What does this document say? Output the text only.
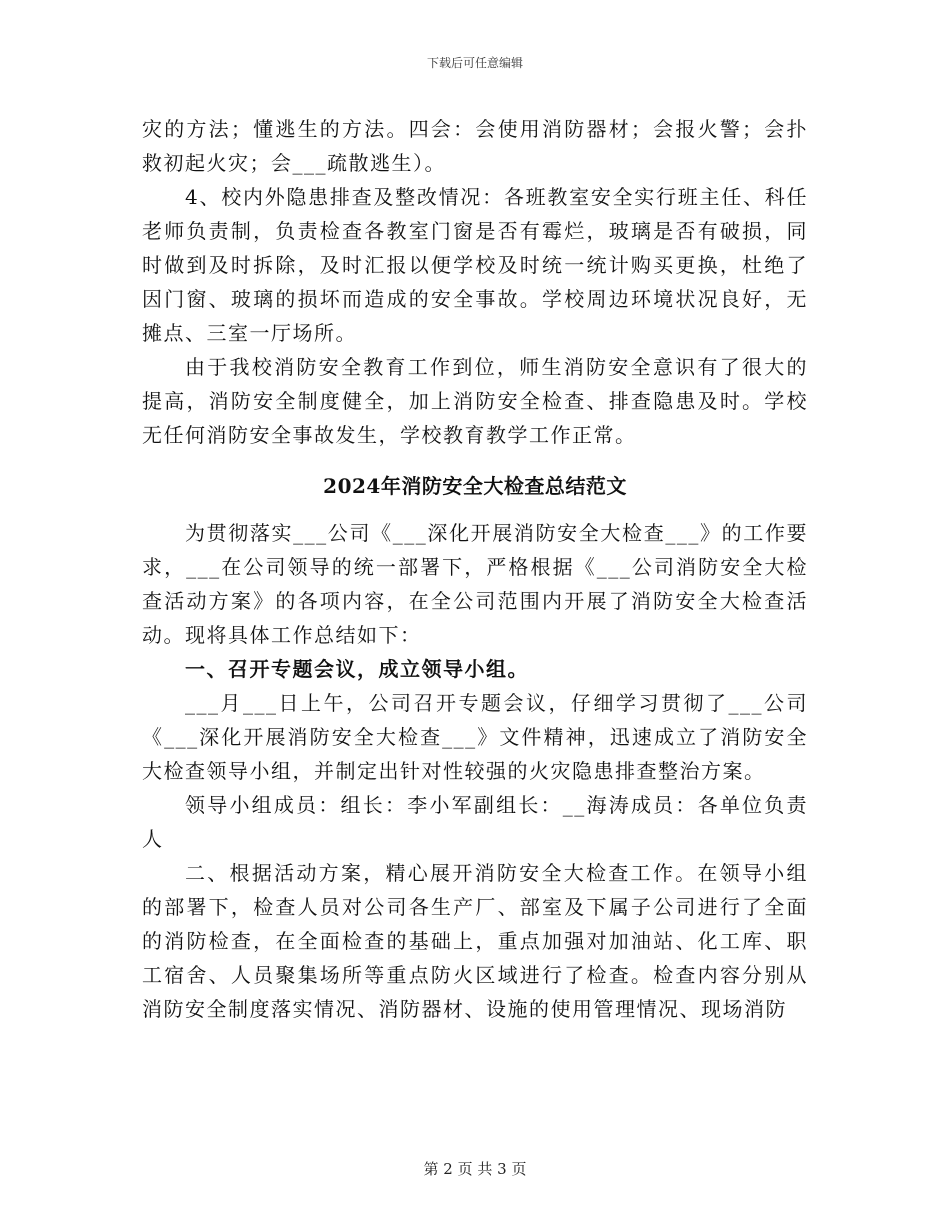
下载后可任意编辑

灾的方法；懂逃生的方法。四会：会使用消防器材；会报火警；会扑救初起火灾；会___疏散逃生）。

4、校内外隐患排查及整改情况：各班教室安全实行班主任、科任老师负责制，负责检查各教室门窗是否有霉烂，玻璃是否有破损，同时做到及时拆除，及时汇报以便学校及时统一统计购买更换，杜绝了因门窗、玻璃的损坏而造成的安全事故。学校周边环境状况良好，无摊点、三室一厅场所。

由于我校消防安全教育工作到位，师生消防安全意识有了很大的提高，消防安全制度健全，加上消防安全检查、排查隐患及时。学校无任何消防安全事故发生，学校教育教学工作正常。

2024年消防安全大检查总结范文

为贯彻落实___公司《___深化开展消防安全大检查___》的工作要求，___在公司领导的统一部署下，严格根据《___公司消防安全大检查活动方案》的各项内容，在全公司范围内开展了消防安全大检查活动。现将具体工作总结如下：

一、召开专题会议，成立领导小组。

___月___日上午，公司召开专题会议，仔细学习贯彻了___公司《___深化开展消防安全大检查___》文件精神，迅速成立了消防安全大检查领导小组，并制定出针对性较强的火灾隐患排查整治方案。

领导小组成员：组长：李小军副组长：__海涛成员：各单位负责人

二、根据活动方案，精心展开消防安全大检查工作。在领导小组的部署下，检查人员对公司各生产厂、部室及下属子公司进行了全面的消防检查，在全面检查的基础上，重点加强对加油站、化工库、职工宿舍、人员聚集场所等重点防火区域进行了检查。检查内容分别从消防安全制度落实情况、消防器材、设施的使用管理情况、现场消防

第 2 页 共 3 页
